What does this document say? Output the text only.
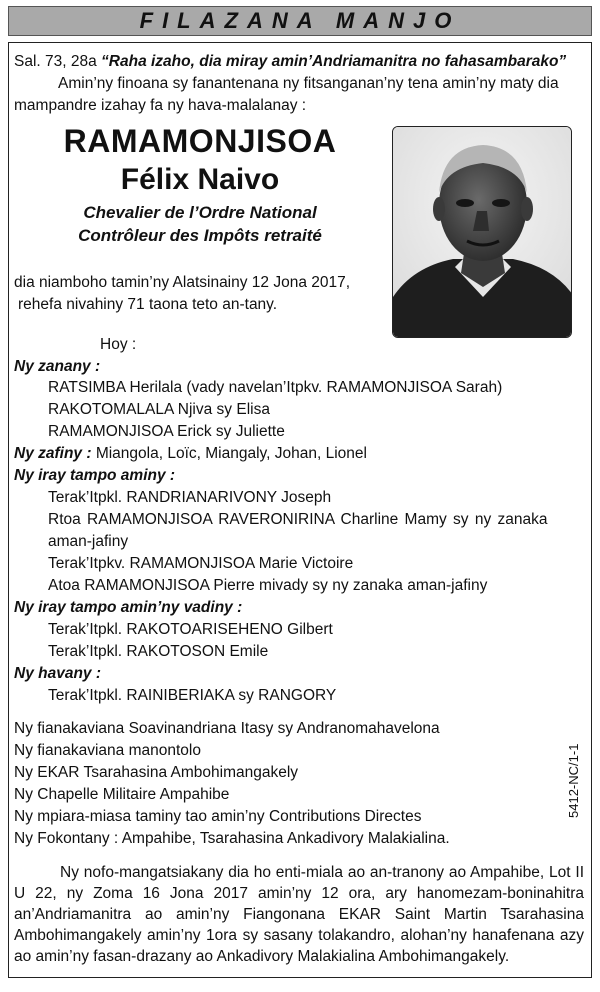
FILAZANA MANJO
Sal. 73, 28a “Raha izaho, dia miray amin’Andriamanitra no fahasambarako”
Amin’ny finoana sy fanantenana ny fitsanganan’ny tena amin’ny maty dia
mampandre izahay fa ny hava-malalanay :
RAMAMONJISOA
Félix Naivo
Chevalier de l’Ordre National
Contrôleur des Impôts retraité
dia niamboho tamin’ny Alatsinainy 12 Jona 2017,
rehefa nivahiny 71 taona teto an-tany.
Hoy :
Ny zanany :
RATSIMBA Herilala (vady navelan’Itpkv. RAMAMONJISOA Sarah)
RAKOTOMALALA Njiva sy Elisa
RAMAMONJISOA Erick sy Juliette
Ny zafiny : Miangola, Loïc, Miangaly, Johan, Lionel
Ny iray tampo aminy :
Terak’Itpkl. RANDRIANARIVONY Joseph
Rtoa RAMAMONJISOA RAVERONIRINA Charline Mamy sy ny zanaka
aman-jafiny
Terak’Itpkv. RAMAMONJISOA Marie Victoire
Atoa RAMAMONJISOA Pierre mivady sy ny zanaka aman-jafiny
Ny iray tampo amin’ny vadiny :
Terak’Itpkl. RAKOTOARISEHENO Gilbert
Terak’Itpkl. RAKOTOSON Emile
Ny havany :
Terak’Itpkl. RAINIBERIAKA sy RANGORY
Ny fianakaviana Soavinandriana Itasy sy Andranomahavelona
Ny fianakaviana manontolo
Ny EKAR Tsarahasina Ambohimangakely
Ny Chapelle Militaire Ampahibe
Ny mpiara-miasa taminy tao amin’ny Contributions Directes
Ny Fokontany : Ampahibe, Tsarahasina Ankadivory Malakialina.
5412-NC/1-1
Ny nofo-mangatsiakany dia ho enti-miala ao an-tranony ao Ampahibe, Lot II U 22, ny Zoma 16 Jona 2017 amin’ny 12 ora, ary hanomezam-boninahitra an’Andriamanitra ao amin’ny Fiangonana EKAR Saint Martin Tsarahasina Ambohimangakely amin’ny 1ora sy sasany tolakandro, alohan’ny hanafenana azy ao amin’ny fasan-drazany ao Ankadivory Malakialina Ambohimangakely.
